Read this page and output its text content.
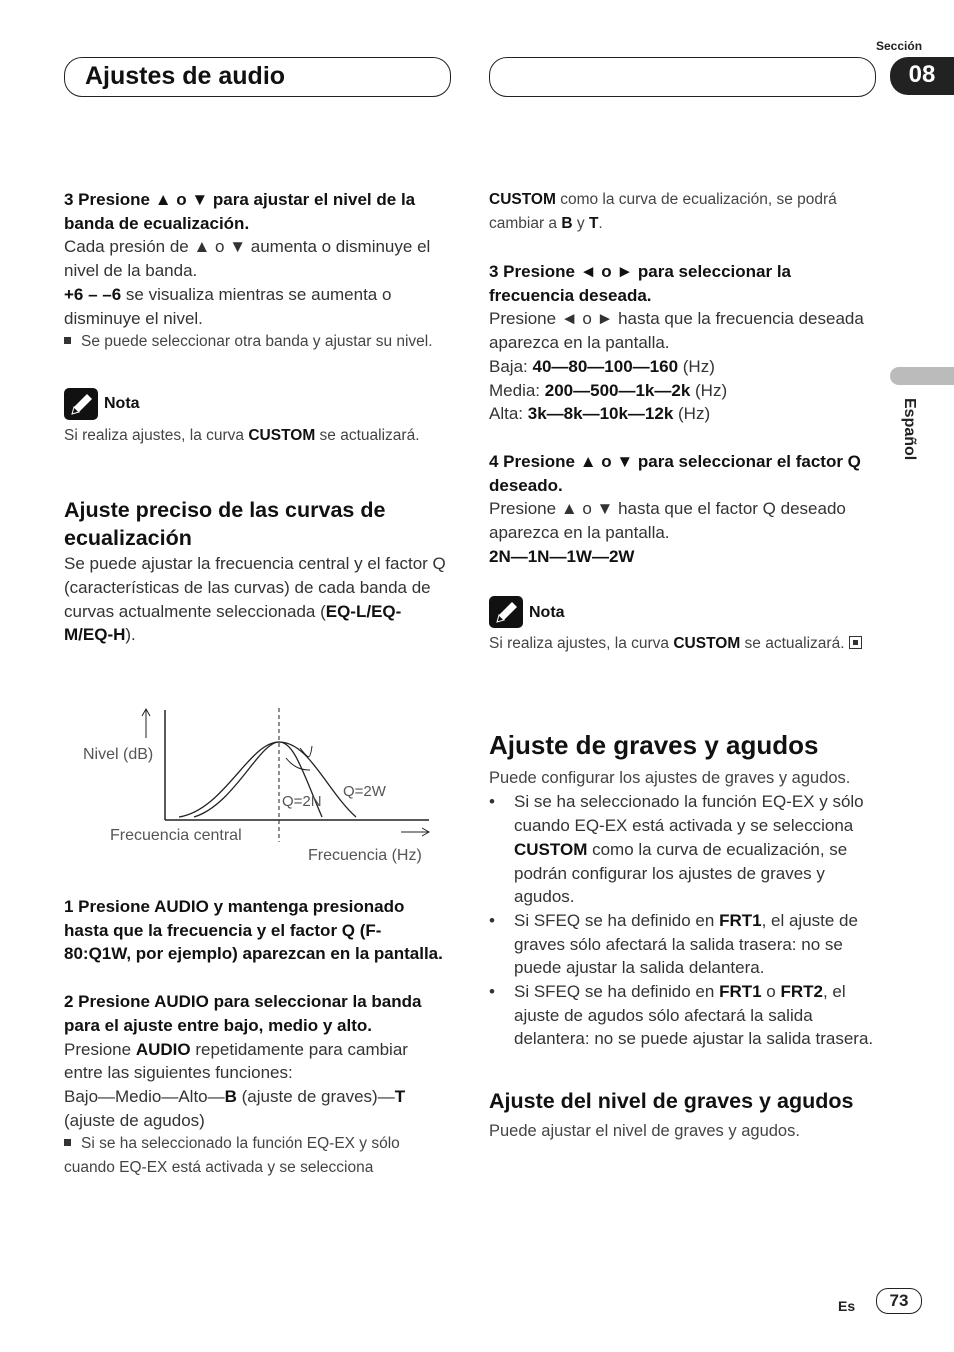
Ajustes de audio
Sección
08
Español

3 Presione ▲ o ▼ para ajustar el nivel de la banda de ecualización.

Cada presión de ▲ o ▼ aumenta o disminuye el nivel de la banda.

+6 – –6 se visualiza mientras se aumenta o disminuye el nivel.

Se puede seleccionar otra banda y ajustar su nivel.

Nota

Si realiza ajustes, la curva CUSTOM se actualizará.

Ajuste preciso de las curvas de ecualización

Se puede ajustar la frecuencia central y el factor Q (características de las curvas) de cada banda de curvas actualmente seleccionada (EQ-L/EQ-M/EQ-H).

Nivel (dB)
Q=2N
Q=2W
Frecuencia central
Frecuencia (Hz)

1 Presione AUDIO y mantenga presionado hasta que la frecuencia y el factor Q (F- 80:Q1W, por ejemplo) aparezcan en la pantalla.

2 Presione AUDIO para seleccionar la banda para el ajuste entre bajo, medio y alto.

Presione AUDIO repetidamente para cambiar entre las siguientes funciones:

Bajo—Medio—Alto—B (ajuste de graves)—T (ajuste de agudos)

Si se ha seleccionado la función EQ-EX y sólo cuando EQ-EX está activada y se selecciona

CUSTOM como la curva de ecualización, se podrá cambiar a B y T.

3 Presione ◄ o ► para seleccionar la frecuencia deseada.

Presione ◄ o ► hasta que la frecuencia deseada aparezca en la pantalla.

Baja: 40—80—100—160 (Hz)

Media: 200—500—1k—2k (Hz)

Alta: 3k—8k—10k—12k (Hz)

4 Presione ▲ o ▼ para seleccionar el factor Q deseado.

Presione ▲ o ▼ hasta que el factor Q deseado aparezca en la pantalla.

2N—1N—1W—2W

Nota

Si realiza ajustes, la curva CUSTOM se actualizará.

Ajuste de graves y agudos

Puede configurar los ajustes de graves y agudos.

•	Si se ha seleccionado la función EQ-EX y sólo cuando EQ-EX está activada y se selecciona CUSTOM como la curva de ecualización, se podrán configurar los ajustes de graves y agudos.
•	Si SFEQ se ha definido en FRT1, el ajuste de graves sólo afectará la salida trasera: no se puede ajustar la salida delantera.
•	Si SFEQ se ha definido en FRT1 o FRT2, el ajuste de agudos sólo afectará la salida delantera: no se puede ajustar la salida trasera.
Ajuste del nivel de graves y agudos

Puede ajustar el nivel de graves y agudos.

Es	73
